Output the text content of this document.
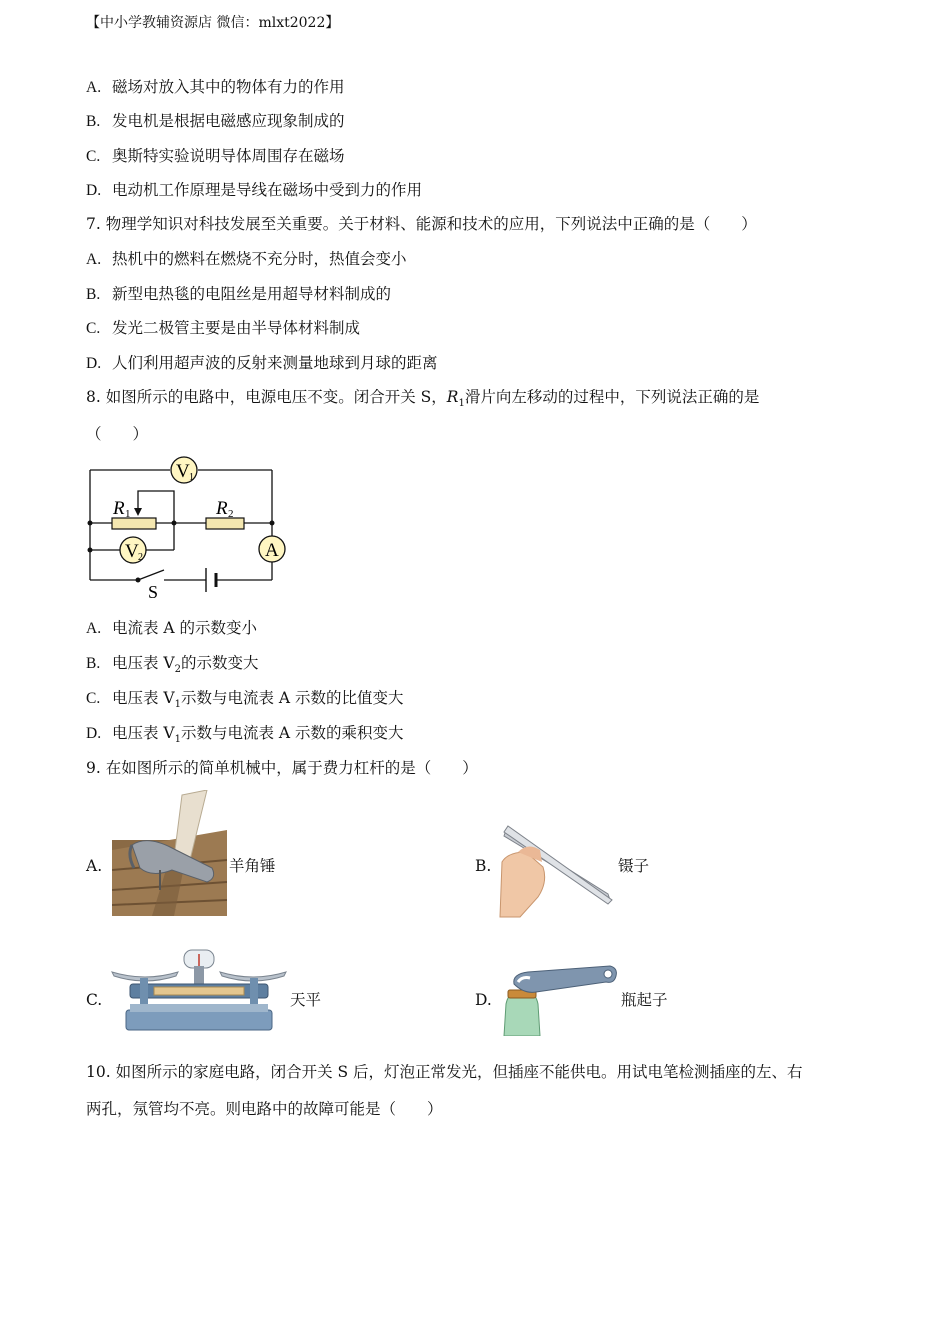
【中小学教辅资源店 微信：mlxt2022】
A. 磁场对放入其中的物体有力的作用
B. 发电机是根据电磁感应现象制成的
C. 奥斯特实验说明导体周围存在磁场
D. 电动机工作原理是导线在磁场中受到力的作用
7. 物理学知识对科技发展至关重要。关于材料、能源和技术的应用，下列说法中正确的是（　　）
A. 热机中的燃料在燃烧不充分时，热值会变小
B. 新型电热毯的电阻丝是用超导材料制成的
C. 发光二极管主要是由半导体材料制成
D. 人们利用超声波的反射来测量地球到月球的距离
8. 如图所示的电路中，电源电压不变。闭合开关 S，$R_1$滑片向左移动的过程中，下列说法正确的是
（　　）
V 1
V 2	A
R 1	R 2
S
A. 电流表 A 的示数变小
B. 电压表 $V_2$的示数变大
C. 电压表 $V_1$示数与电流表 A 示数的比值变大
D. 电压表 $V_1$示数与电流表 A 示数的乘积变大
9. 在如图所示的简单机械中，属于费力杠杆的是（　　）
A.	羊角锤	B.	镊子
C.	天平	D.	瓶起子
10. 如图所示的家庭电路，闭合开关 S 后，灯泡正常发光，但插座不能供电。用试电笔检测插座的左、右
两孔，氖管均不亮。则电路中的故障可能是（　　）
